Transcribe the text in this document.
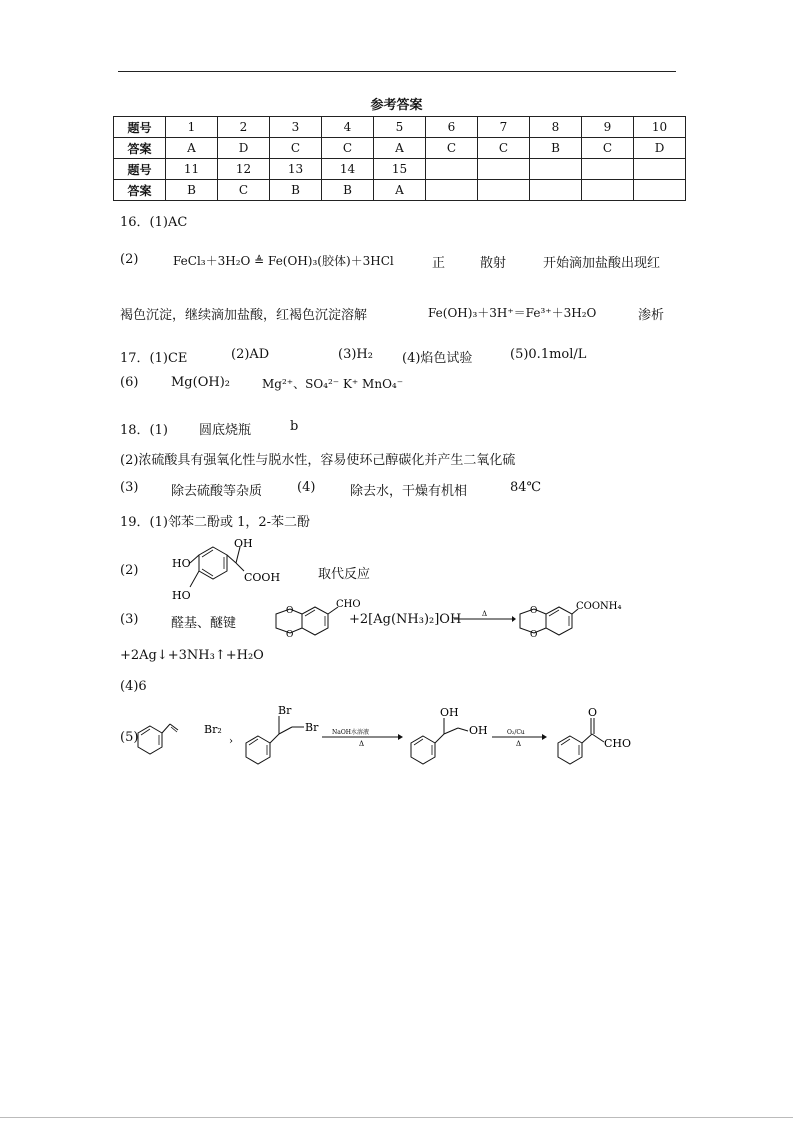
参考答案
题号	1	2	3	4	5	6	7	8	9	10
答案	A	D	C	C	A	C	C	B	C	D
题号	11	12	13	14	15					
答案	B	C	B	B	A					
16．(1)AC
(2)	FeCl₃＋3H₂O ≜ Fe(OH)₃(胶体)＋3HCl	正	散射	开始滴加盐酸出现红
褐色沉淀，继续滴加盐酸，红褐色沉淀溶解	Fe(OH)₃＋3H⁺＝Fe³⁺＋3H₂O	渗析
17．(1)CE	(2)AD	(3)H₂ (4)焰色试验	(5)0.1mol/L
(6)	Mg(OH)₂	Mg²⁺、SO₄²⁻ K⁺ MnO₄⁻
18．(1) 圆底烧瓶	b
(2)浓硫酸具有强氧化性与脱水性，容易使环己醇碳化并产生二氧化硫
(3)	除去硫酸等杂质	(4)	除去水，干燥有机相	84℃
19．(1)邻苯二酚或 1，2-苯二酚
(2)	HO
HO
OH
COOH	取代反应
(3)	醛基、醚键
O
O
CHO
+2[Ag(NH₃)₂]OH	Δ	O
O
COONH₄
+2Ag↓+3NH₃↑+H₂O
(4)6
(5)
Br₂
›
Br
Br NaOH水溶液
Δ
OH
OH	O₂/Cu
Δ
O
CHO
